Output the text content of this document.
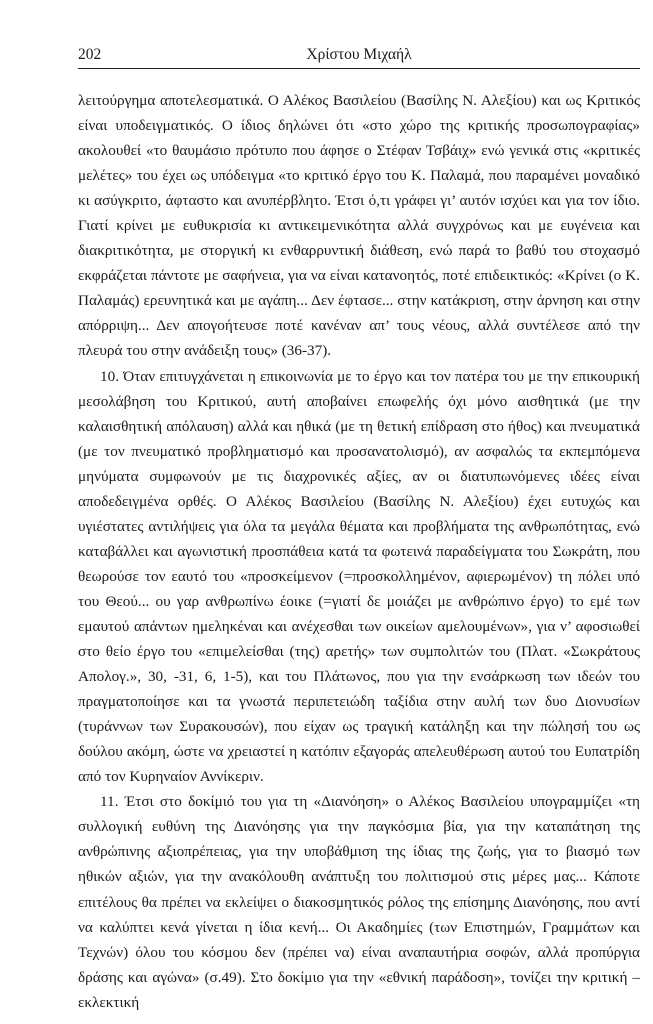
202	Χρίστου Μιχαήλ

λειτούργημα αποτελεσματικά. Ο Αλέκος Βασιλείου (Βασίλης Ν. Αλεξίου) και ως Κριτικός είναι υποδειγματικός. Ο ίδιος δηλώνει ότι «στο χώρο της κριτικής προσωπογραφίας» ακολουθεί «το θαυμάσιο πρότυπο που άφησε ο Στέφαν Τσβάιχ» ενώ γενικά στις «κριτικές μελέτες» του έχει ως υπόδειγμα «το κριτικό έργο του Κ. Παλαμά, που παραμένει μοναδικό κι ασύγκριτο, άφταστο και ανυπέρβλητο. Έτσι ό,τι γράφει γι’ αυτόν ισχύει και για τον ίδιο. Γιατί κρίνει με ευθυκρισία κι αντικειμενικότητα αλλά συγχρόνως και με ευγένεια και διακριτικότητα, με στοργική κι ενθαρρυντική διάθεση, ενώ παρά το βαθύ του στοχασμό εκφράζεται πάντοτε με σαφήνεια, για να είναι κατανοητός, ποτέ επιδεικτικός: «Κρίνει (ο Κ. Παλαμάς) ερευνητικά και με αγάπη... Δεν έφτασε... στην κατάκριση, στην άρνηση και στην απόρριψη... Δεν απογοήτευσε ποτέ κανέναν απ’ τους νέους, αλλά συντέλεσε από την πλευρά του στην ανάδειξη τους» (36-37).

10. Όταν επιτυγχάνεται η επικοινωνία με το έργο και τον πατέρα του με την επικουρική μεσολάβηση του Κριτικού, αυτή αποβαίνει επωφελής όχι μόνο αισθητικά (με την καλαισθητική απόλαυση) αλλά και ηθικά (με τη θετική επίδραση στο ήθος) και πνευματικά (με τον πνευματικό προβληματισμό και προσανατολισμό), αν ασφαλώς τα εκπεμπόμενα μηνύματα συμφωνούν με τις διαχρονικές αξίες, αν οι διατυπωνόμενες ιδέες είναι αποδεδειγμένα ορθές. Ο Αλέκος Βασιλείου (Βασίλης Ν. Αλεξίου) έχει ευτυχώς και υγιέστατες αντιλήψεις για όλα τα μεγάλα θέματα και προβλήματα της ανθρωπότητας, ενώ καταβάλλει και αγωνιστική προσπάθεια κατά τα φωτεινά παραδείγματα του Σωκράτη, που θεωρούσε τον εαυτό του «προσκείμενον (=προσκολλημένον, αφιερωμένον) τη πόλει υπό του Θεού... ου γαρ ανθρωπίνω έοικε (=γιατί δε μοιάζει με ανθρώπινο έργο) το εμέ των εμαυτού απάντων ημεληκέναι και ανέχεσθαι των οικείων αμελουμένων», για ν’ αφοσιωθεί στο θείο έργο του «επιμελείσθαι (της) αρετής» των συμπολιτών του (Πλατ. «Σωκράτους Απολογ.», 30, -31, 6, 1-5), και του Πλάτωνος, που για την ενσάρκωση των ιδεών του πραγματοποίησε και τα γνωστά περιπετειώδη ταξίδια στην αυλή των δυο Διονυσίων (τυράννων των Συρακουσών), που είχαν ως τραγική κατάληξη και την πώλησή του ως δούλου ακόμη, ώστε να χρειαστεί η κατόπιν εξαγοράς απελευθέρωση αυτού του Ευπατρίδη από τον Κυρηναίον Αννίκεριν.

11. Έτσι στο δοκίμιό του για τη «Διανόηση» ο Αλέκος Βασιλείου υπογραμμίζει «τη συλλογική ευθύνη της Διανόησης για την παγκόσμια βία, για την καταπάτηση της ανθρώπινης αξιοπρέπειας, για την υποβάθμιση της ίδιας της ζωής, για το βιασμό των ηθικών αξιών, για την ανακόλουθη ανάπτυξη του πολιτισμού στις μέρες μας... Κάποτε επιτέλους θα πρέπει να εκλείψει ο διακοσμητικός ρόλος της επίσημης Διανόησης, που αντί να καλύπτει κενά γίνεται η ίδια κενή... Οι Ακαδημίες (των Επιστημών, Γραμμάτων και Τεχνών) όλου του κόσμου δεν (πρέπει να) είναι αναπαυτήρια σοφών, αλλά προπύργια δράσης και αγώνα» (σ.49). Στο δοκίμιο για την «εθνική παράδοση», τονίζει την κριτική – εκλεκτική
